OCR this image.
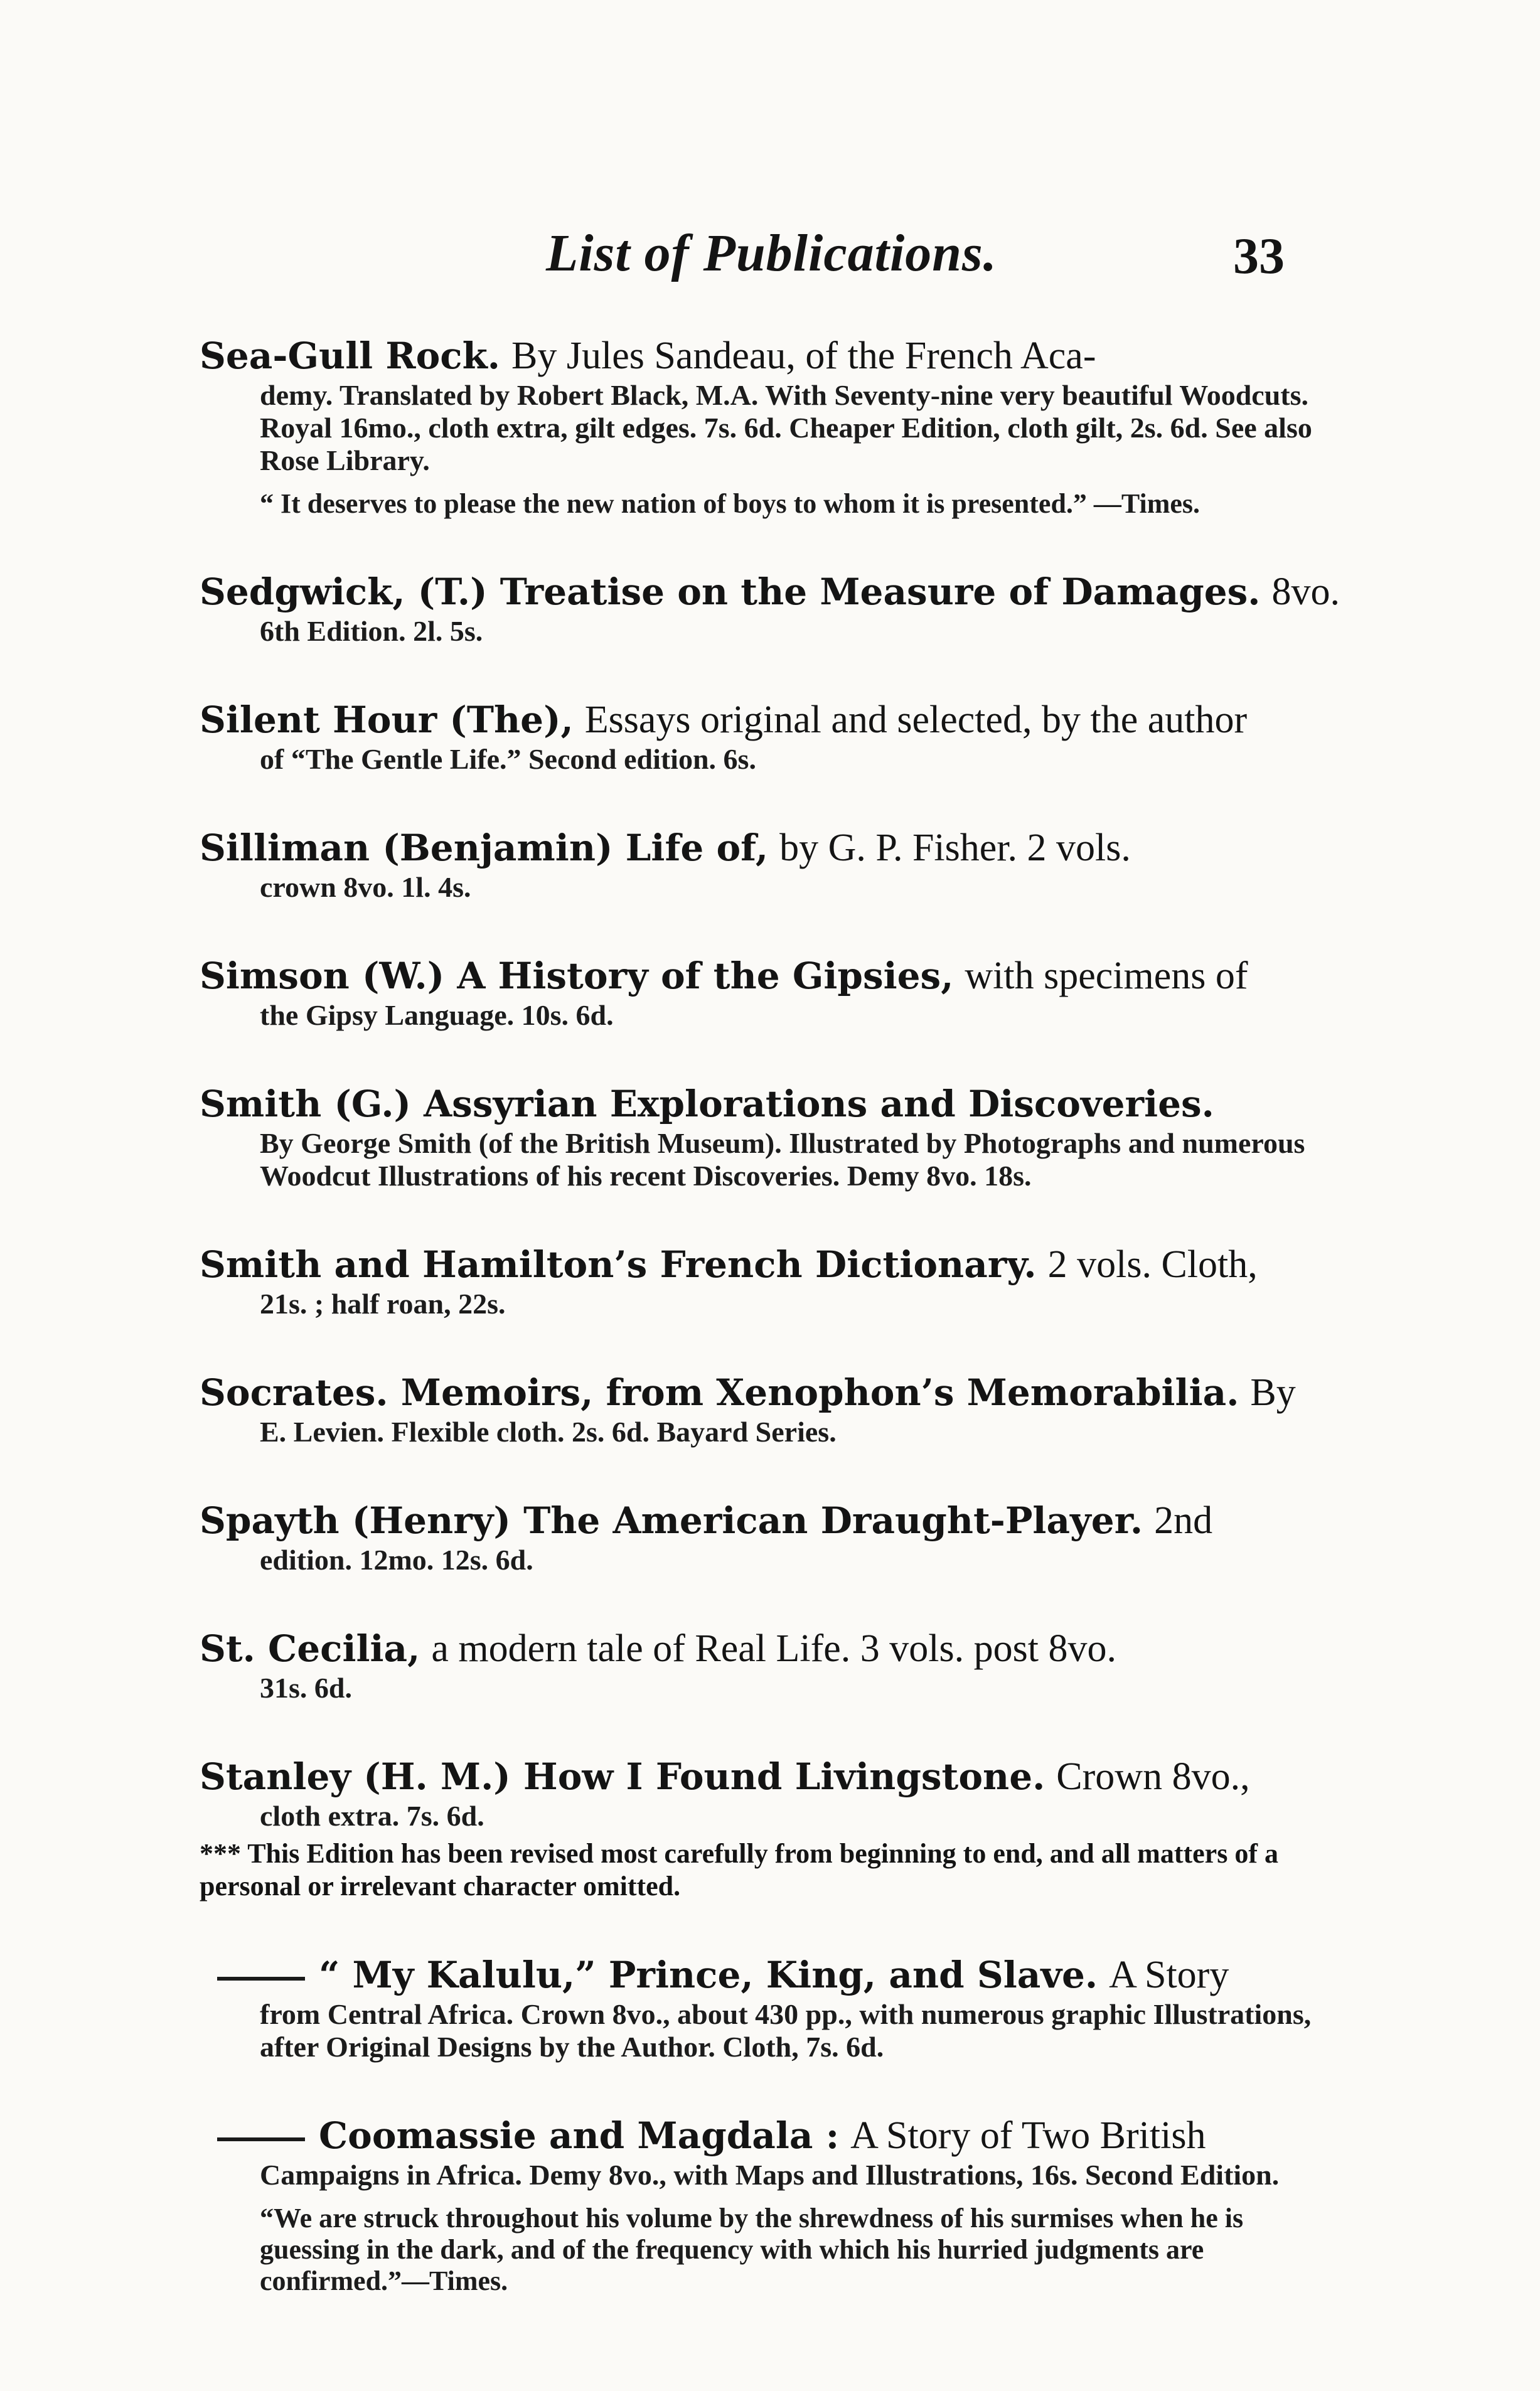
List of Publications.	33
Sea-Gull Rock. By Jules Sandeau, of the French Aca-
demy. Translated by Robert Black, M.A. With Seventy-nine very beautiful Woodcuts. Royal 16mo., cloth extra, gilt edges. 7s. 6d. Cheaper Edition, cloth gilt, 2s. 6d. See also Rose Library.
“ It deserves to please the new nation of boys to whom it is presented.” —Times.
Sedgwick, (T.) Treatise on the Measure of Damages. 8vo.
6th Edition. 2l. 5s.
Silent Hour (The), Essays original and selected, by the author
of “The Gentle Life.” Second edition. 6s.
Silliman (Benjamin) Life of, by G. P. Fisher. 2 vols.
crown 8vo. 1l. 4s.
Simson (W.) A History of the Gipsies, with specimens of
the Gipsy Language. 10s. 6d.
Smith (G.) Assyrian Explorations and Discoveries.
By George Smith (of the British Museum). Illustrated by Photographs and numerous Woodcut Illustrations of his recent Discoveries. Demy 8vo. 18s.
Smith and Hamilton’s French Dictionary. 2 vols. Cloth,
21s. ; half roan, 22s.
Socrates. Memoirs, from Xenophon’s Memorabilia. By
E. Levien. Flexible cloth. 2s. 6d. Bayard Series.
Spayth (Henry) The American Draught-Player. 2nd
edition. 12mo. 12s. 6d.
St. Cecilia, a modern tale of Real Life. 3 vols. post 8vo.
31s. 6d.
Stanley (H. M.) How I Found Livingstone. Crown 8vo.,
cloth extra. 7s. 6d.
*** This Edition has been revised most carefully from beginning to end, and all matters of a personal or irrelevant character omitted.
“ My Kalulu,” Prince, King, and Slave. A Story
from Central Africa. Crown 8vo., about 430 pp., with numerous graphic Illustrations, after Original Designs by the Author. Cloth, 7s. 6d.
Coomassie and Magdala : A Story of Two British
Campaigns in Africa. Demy 8vo., with Maps and Illustrations, 16s. Second Edition.
“We are struck throughout his volume by the shrewdness of his surmises when he is guessing in the dark, and of the frequency with which his hurried judgments are confirmed.”—Times.
